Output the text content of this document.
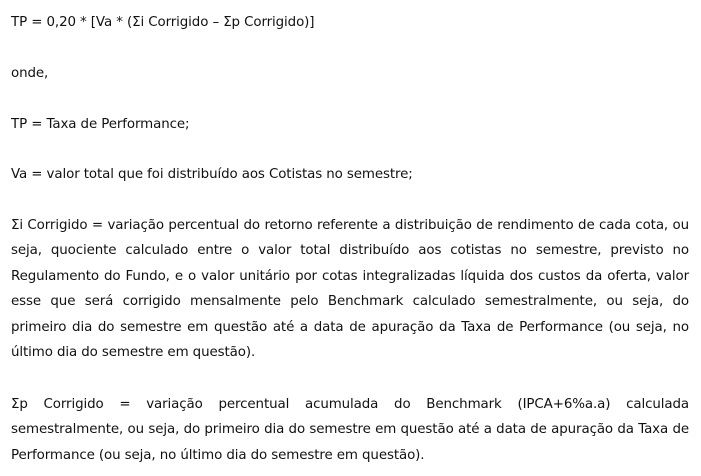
TP = 0,20 * [Va * (Σi Corrigido – Σp Corrigido)]

onde,

TP = Taxa de Performance;

Va = valor total que foi distribuído aos Cotistas no semestre;

Σi Corrigido = variação percentual do retorno referente a distribuição de rendimento de cada cota, ou seja, quociente calculado entre o valor total distribuído aos cotistas no semestre, previsto no Regulamento do Fundo, e o valor unitário por cotas integralizadas líquida dos custos da oferta, valor esse que será corrigido mensalmente pelo Benchmark calculado semestralmente, ou seja, do primeiro dia do semestre em questão até a data de apuração da Taxa de Performance (ou seja, no último dia do semestre em questão).

Σp Corrigido = variação percentual acumulada do Benchmark (IPCA+6%a.a) calculada semestralmente, ou seja, do primeiro dia do semestre em questão até a data de apuração da Taxa de Performance (ou seja, no último dia do semestre em questão).
